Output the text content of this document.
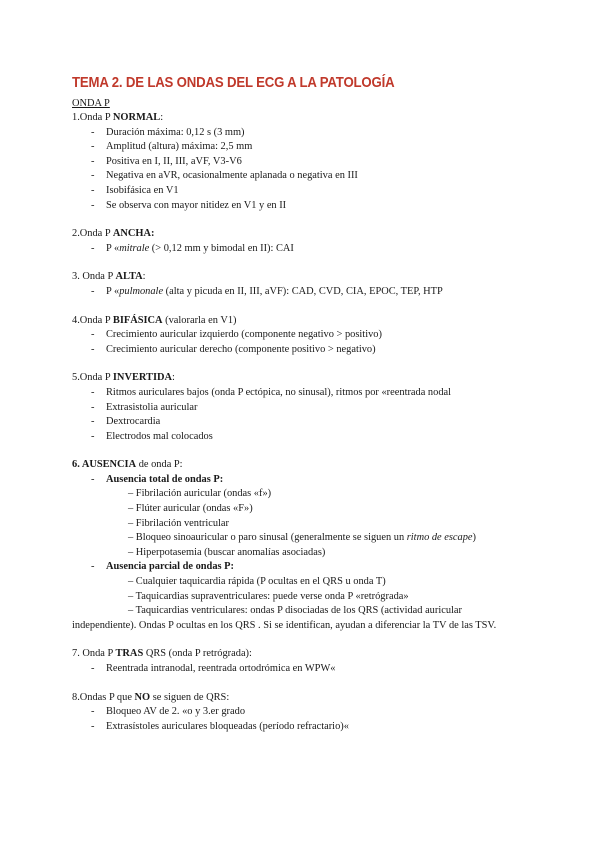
TEMA 2. DE LAS ONDAS DEL ECG A LA PATOLOGÍA

ONDA P

1.Onda P NORMAL:

- Duración máxima: 0,12 s (3 mm)
- Amplitud (altura) máxima: 2,5 mm
- Positiva en I, II, III, aVF, V3-V6
- Negativa en aVR, ocasionalmente aplanada o negativa en III
- Isobifásica en V1
- Se observa con mayor nitidez en V1 y en II

2.Onda P ANCHA:

- P «mitrale (> 0,12 mm y bimodal en II): CAI

3. Onda P ALTA:

- P «pulmonale (alta y picuda en II, III, aVF): CAD, CVD, CIA, EPOC, TEP, HTP

4.Onda P BIFÁSICA (valorarla en V1)

- Crecimiento auricular izquierdo (componente negativo > positivo)
- Crecimiento auricular derecho (componente positivo > negativo)

5.Onda P INVERTIDA:

- Ritmos auriculares bajos (onda P ectópica, no sinusal), ritmos por «reentrada nodal
- Extrasistolia auricular
- Dextrocardia
- Electrodos mal colocados

6. AUSENCIA de onda P:

- Ausencia total de ondas P:
– Fibrilación auricular (ondas «f»)
– Flúter auricular (ondas «F»)
– Fibrilación ventricular
– Bloqueo sinoauricular o paro sinusal (generalmente se siguen un ritmo de escape)
– Hiperpotasemia (buscar anomalías asociadas)
- Ausencia parcial de ondas P:
– Cualquier taquicardia rápida (P ocultas en el QRS u onda T)
– Taquicardias supraventriculares: puede verse onda P «retrógrada»
– Taquicardias ventriculares: ondas P disociadas de los QRS (actividad auricular

independiente). Ondas P ocultas en los QRS . Si se identifican, ayudan a diferenciar la TV de las TSV.

7. Onda P TRAS QRS (onda P retrógrada):

- Reentrada intranodal, reentrada ortodrómica en WPW«

8.Ondas P que NO se siguen de QRS:

- Bloqueo AV de 2. «o y 3.er grado
- Extrasístoles auriculares bloqueadas (período refractario)«
